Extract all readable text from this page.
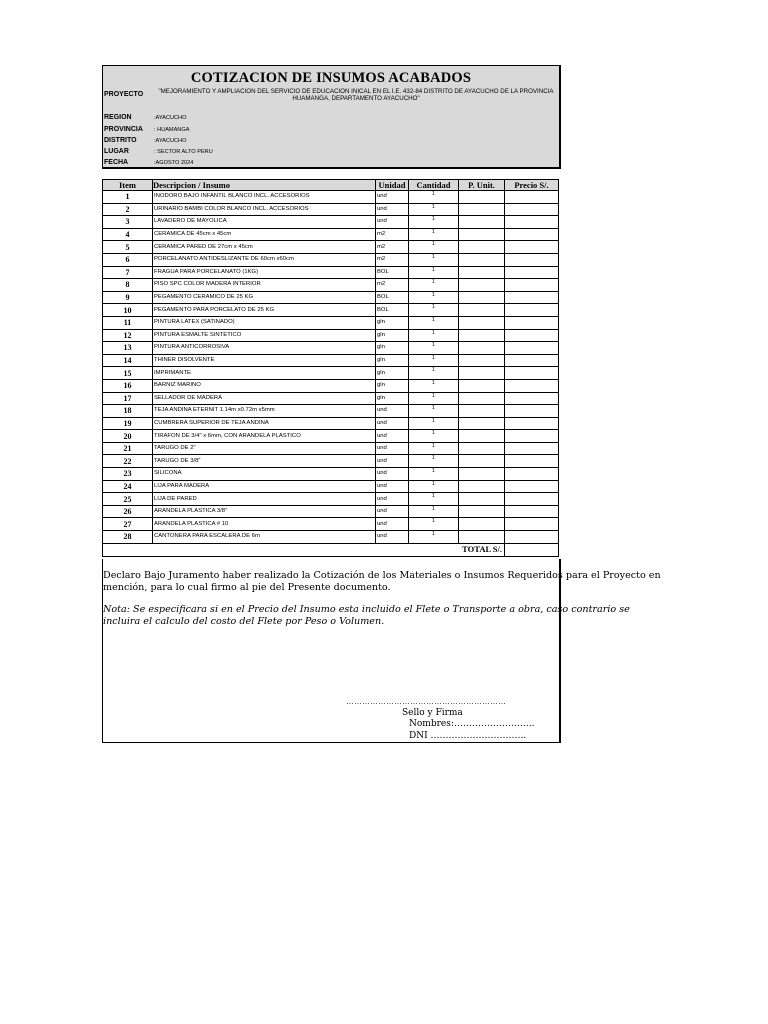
COTIZACION DE INSUMOS ACABADOS
PROYECTO	"MEJORAMIENTO Y AMPLIACION DEL SERVICIO DE EDUCACION INICAL EN EL I.E. 432-84 DISTRITO DE AYACUCHO DE LA PROVINCIA HUAMANGA, DEPARTAMENTO AYACUCHO"
REGION	:AYACUCHO
PROVINCIA : HUAMANGA
DISTRITO	:AYACUCHO
LUGAR	: SECTOR ALTO PERU
FECHA	:AGOSTO 2024
Item	Descripcion / Insumo	Unidad	Cantidad	P. Unit.	Precio S/.
1	INODORO BAJO INFANTIL BLANCO INCL. ACCESORIOS	und	1		
2	URINARIO BAMBI COLOR BLANCO INCL. ACCESORIOS	und	1		
3	LAVADERO DE MAYOLICA	und	1		
4	CERAMICA DE 45cm x 45cm	m2	1		
5	CERAMICA PARED DE 27cm x 45cm	m2	1		
6	PORCELANATO ANTIDESLIZANTE DE 60cm x60cm	m2	1		
7	FRAGUA PARA PORCELANATO (1KG)	BOL	1		
8	PISO SPC COLOR MADERA INTERIOR	m2	1		
9	PEGAMENTO CERAMICO DE 25 KG	BOL	1		
10	PEGAMENTO PARA PORCELATO DE 25 KG	BOL	1		
11	PINTURA LATEX (SATINADO)	gln	1		
12	PINTURA ESMALTE SINTETICO	gln	1		
13	PINTURA ANTICORROSIVA	gln	1		
14	THINER DISOLVENTE	gln	1		
15	IMPRIMANTE	gln	1		
16	BARNIZ MARINO	gln	1		
17	SELLADOR DE MADERA	gln	1		
18	TEJA ANDINA ETERNIT 1.14m x0.72m x5mm	und	1		
19	CUMBRERA SUPERIOR DE TEJA ANDINA	und	1		
20	TIRAFON DE 3/4" x 6mm, CON ARANDELA PLASTICO	und	1		
21	TARUGO DE 2"	und	1		
22	TARUGO DE 3/8"	und	1		
23	SILICONA	und	1		
24	LIJA PARA MADERA	und	1		
25	LIJA DE PARED	und	1		
26	ARANDELA PLASTICA 3/8"	und	1		
27	ARANDELA PLASTICA # 10	und	1		
28	CANTONERA PARA ESCALERA DE 6m	und	1		
TOTAL S/.					
Declaro Bajo Juramento haber realizado la Cotización de los Materiales o Insumos Requeridos para el Proyecto en mención, para lo cual firmo al pie del Presente documento.
Nota: Se especificara si en el Precio del Insumo esta incluido el Flete o Transporte a obra, caso contrario se incluira el calculo del costo del Flete por Peso o Volumen.
……………………………………………………
Sello y Firma
Nombres:……………………...
DNI …………………………..
